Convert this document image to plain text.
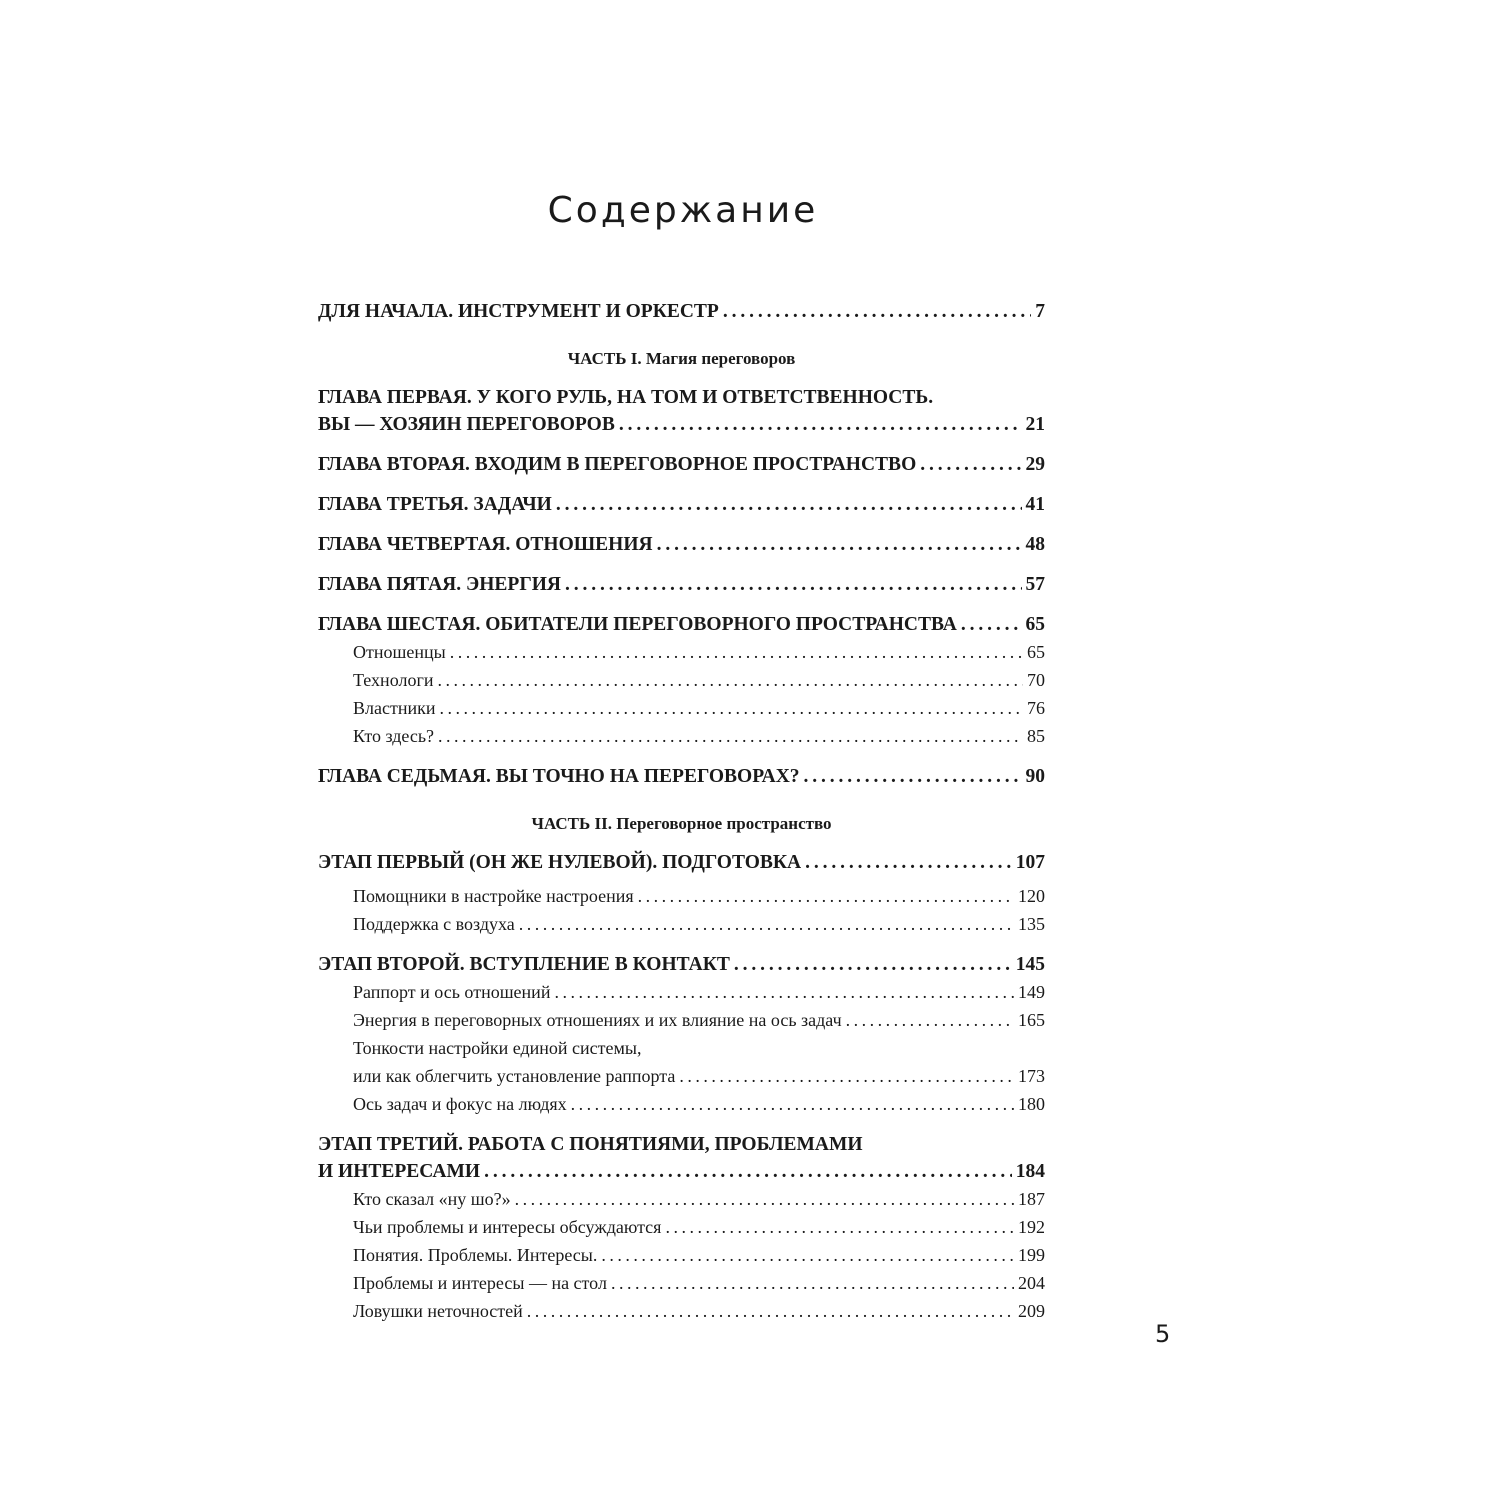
Содержание
ДЛЯ НАЧАЛА. ИНСТРУМЕНТ И ОРКЕСТР . . .	7
ЧАСТЬ I. Магия переговоров
ГЛАВА ПЕРВАЯ. У КОГО РУЛЬ, НА ТОМ И ОТВЕТСТВЕННОСТЬ.
ВЫ — ХОЗЯИН ПЕРЕГОВОРОВ . . .	21
ГЛАВА ВТОРАЯ. ВХОДИМ В ПЕРЕГОВОРНОЕ ПРОСТРАНСТВО . . .	29
ГЛАВА ТРЕТЬЯ. ЗАДАЧИ . . .	41
ГЛАВА ЧЕТВЕРТАЯ. ОТНОШЕНИЯ . . .	48
ГЛАВА ПЯТАЯ. ЭНЕРГИЯ . . .	57
ГЛАВА ШЕСТАЯ. ОБИТАТЕЛИ ПЕРЕГОВОРНОГО ПРОСТРАНСТВА . . .	65
Отношенцы . . .	65
Технологи . . .	70
Властники . . .	76
Кто здесь? . . .	85
ГЛАВА СЕДЬМАЯ. ВЫ ТОЧНО НА ПЕРЕГОВОРАХ? . . .	90
ЧАСТЬ II. Переговорное пространство
ЭТАП ПЕРВЫЙ (ОН ЖЕ НУЛЕВОЙ). ПОДГОТОВКА . . .	107
Помощники в настройке настроения . . .	120
Поддержка с воздуха . . .	135
ЭТАП ВТОРОЙ. ВСТУПЛЕНИЕ В КОНТАКТ . . .	145
Раппорт и ось отношений . . .	149
Энергия в переговорных отношениях и их влияние на ось задач . . .	165
Тонкости настройки единой системы,
или как облегчить установление раппорта . . .	173
Ось задач и фокус на людях . . .	180
ЭТАП ТРЕТИЙ. РАБОТА С ПОНЯТИЯМИ, ПРОБЛЕМАМИ
И ИНТЕРЕСАМИ . . .	184
Кто сказал «ну шо?» . . .	187
Чьи проблемы и интересы обсуждаются . . .	192
Понятия. Проблемы. Интересы. . . .	199
Проблемы и интересы — на стол . . .	204
Ловушки неточностей . . .	209
5
